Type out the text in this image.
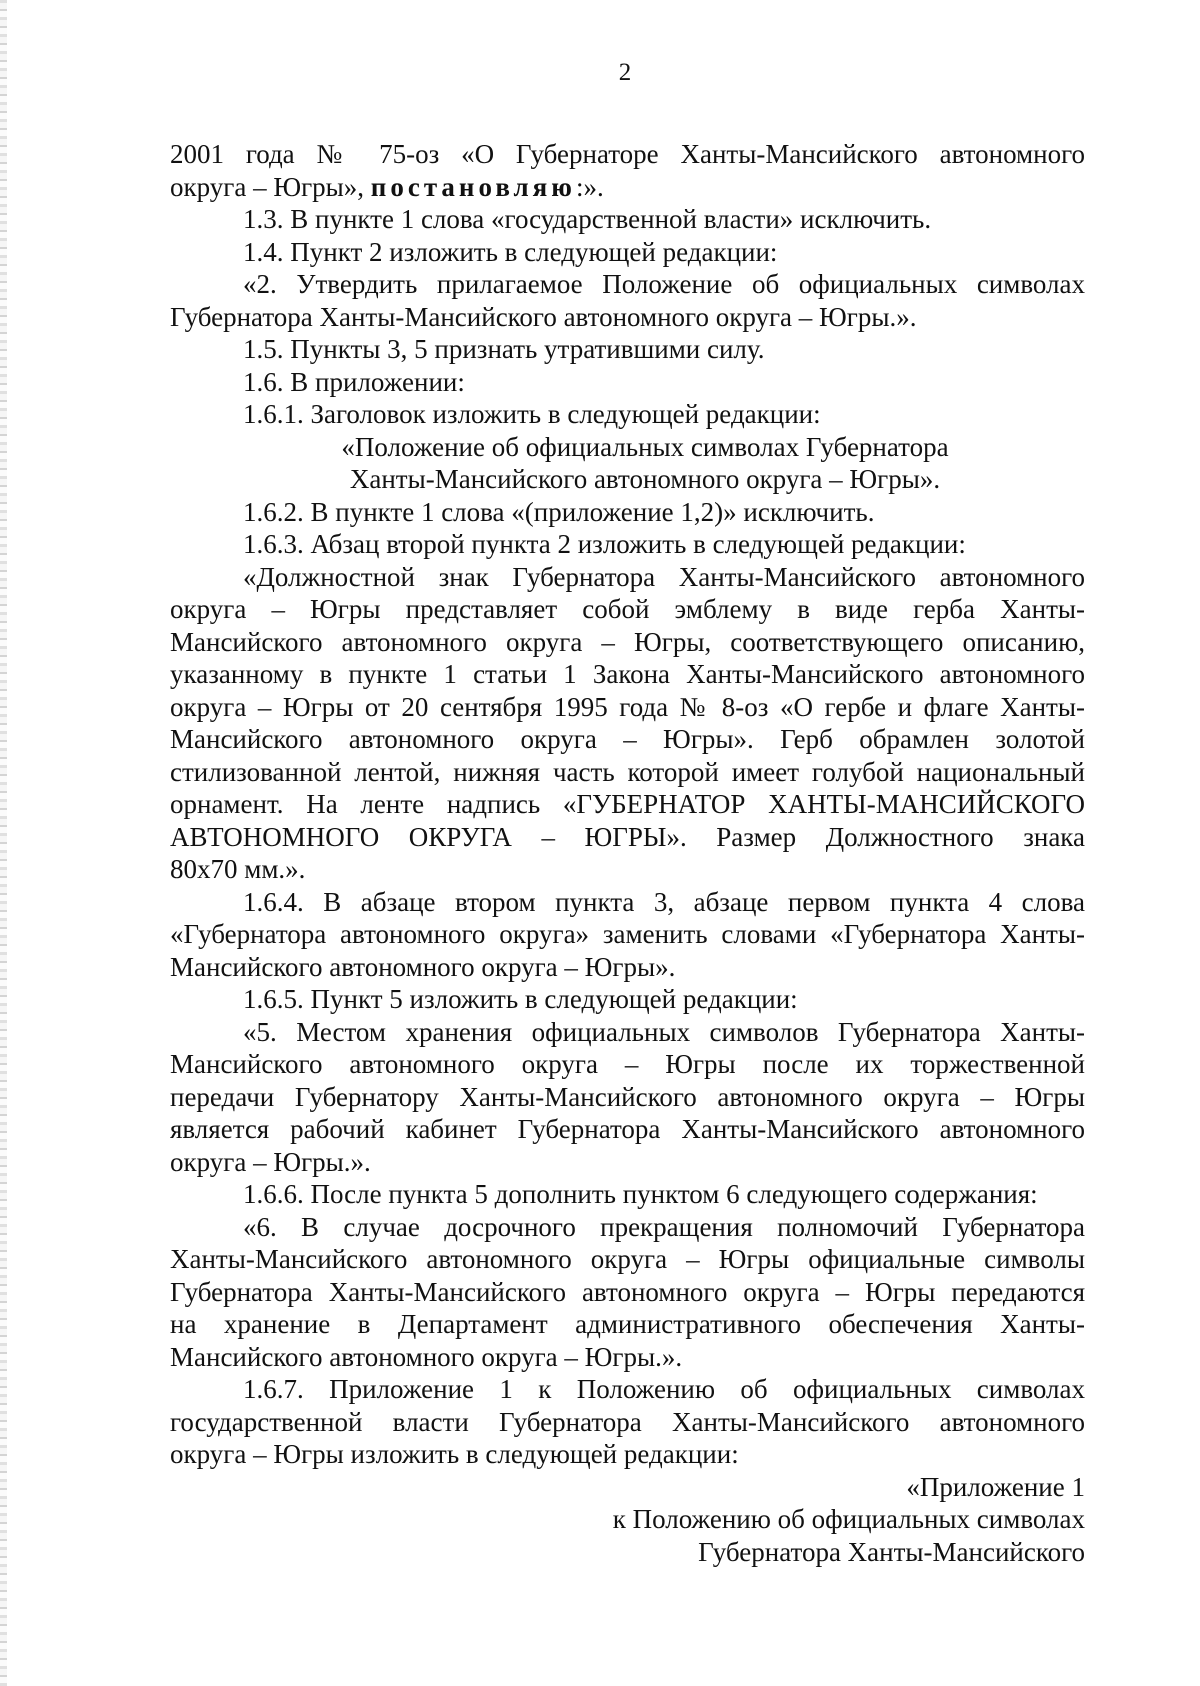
2

2001 года № 75-оз «О Губернаторе Ханты-Мансийского автономного

округа – Югры», постановляю:».

1.3. В пункте 1 слова «государственной власти» исключить.

1.4. Пункт 2 изложить в следующей редакции:

«2. Утвердить прилагаемое Положение об официальных символах

Губернатора Ханты-Мансийского автономного округа – Югры.».

1.5. Пункты 3, 5 признать утратившими силу.

1.6. В приложении:

1.6.1. Заголовок изложить в следующей редакции:

«Положение об официальных символах Губернатора

Ханты-Мансийского автономного округа – Югры».

1.6.2. В пункте 1 слова «(приложение 1,2)» исключить.

1.6.3. Абзац второй пункта 2 изложить в следующей редакции:

«Должностной знак Губернатора Ханты-Мансийского автономного

округа – Югры представляет собой эмблему в виде герба Ханты-

Мансийского автономного округа – Югры, соответствующего описанию,

указанному в пункте 1 статьи 1 Закона Ханты-Мансийского автономного

округа – Югры от 20 сентября 1995 года № 8-оз «О гербе и флаге Ханты-

Мансийского автономного округа – Югры». Герб обрамлен золотой

стилизованной лентой, нижняя часть которой имеет голубой национальный

орнамент. На ленте надпись «ГУБЕРНАТОР ХАНТЫ-МАНСИЙСКОГО

АВТОНОМНОГО ОКРУГА – ЮГРЫ». Размер Должностного знака

80х70 мм.».

1.6.4. В абзаце втором пункта 3, абзаце первом пункта 4 слова

«Губернатора автономного округа» заменить словами «Губернатора Ханты-

Мансийского автономного округа – Югры».

1.6.5. Пункт 5 изложить в следующей редакции:

«5. Местом хранения официальных символов Губернатора Ханты-

Мансийского автономного округа – Югры после их торжественной

передачи Губернатору Ханты-Мансийского автономного округа – Югры

является рабочий кабинет Губернатора Ханты-Мансийского автономного

округа – Югры.».

1.6.6. После пункта 5 дополнить пунктом 6 следующего содержания:

«6. В случае досрочного прекращения полномочий Губернатора

Ханты-Мансийского автономного округа – Югры официальные символы

Губернатора Ханты-Мансийского автономного округа – Югры передаются

на хранение в Департамент административного обеспечения Ханты-

Мансийского автономного округа – Югры.».

1.6.7. Приложение 1 к Положению об официальных символах

государственной власти Губернатора Ханты-Мансийского автономного

округа – Югры изложить в следующей редакции:

«Приложение 1

к Положению об официальных символах

Губернатора Ханты-Мансийского
